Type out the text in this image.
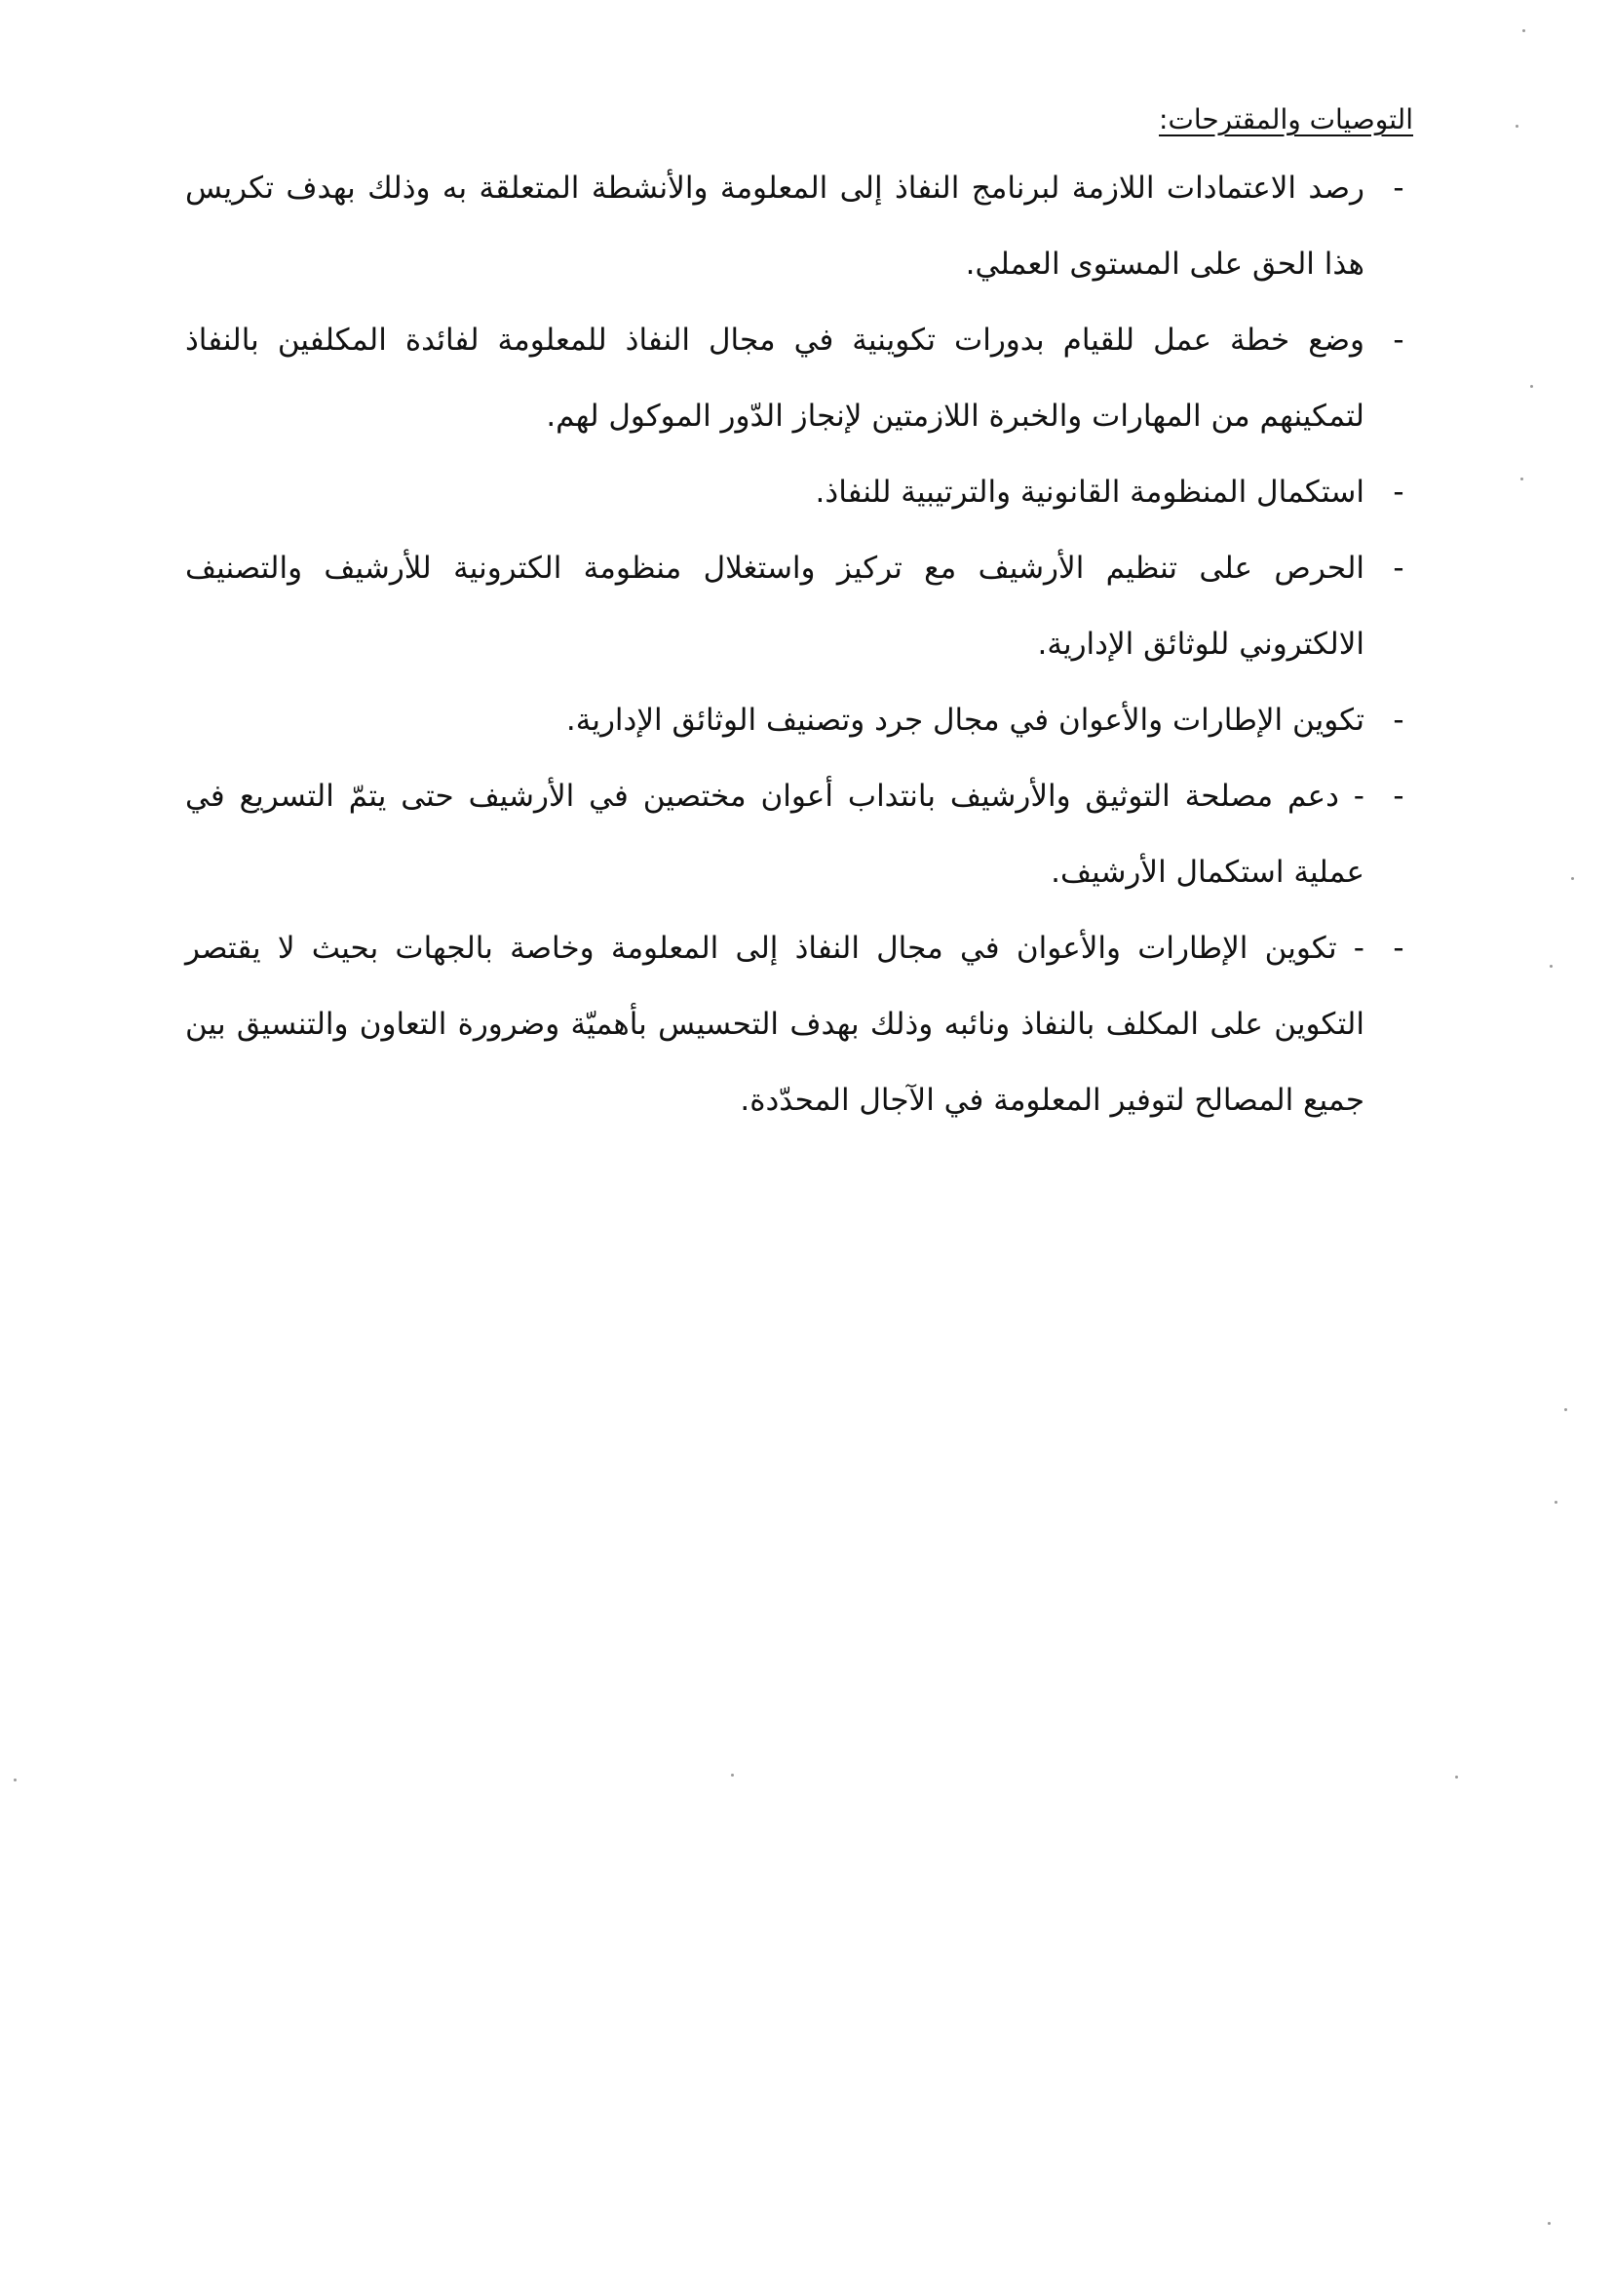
التوصيات والمقترحات:
-
رصد الاعتمادات اللازمة لبرنامج النفاذ إلى المعلومة والأنشطة المتعلقة به وذلك بهدف تكريس هذا الحق على المستوى العملي.
-
وضع خطة عمل للقيام بدورات تكوينية في مجال النفاذ للمعلومة لفائدة المكلفين بالنفاذ لتمكينهم من المهارات والخبرة اللازمتين لإنجاز الدّور الموكول لهم.
-
استكمال المنظومة القانونية والترتيبية للنفاذ.
-
الحرص على تنظيم الأرشيف مع تركيز واستغلال منظومة الكترونية للأرشيف والتصنيف الالكتروني للوثائق الإدارية.
-
تكوين الإطارات والأعوان في مجال جرد وتصنيف الوثائق الإدارية.
-
- دعم مصلحة التوثيق والأرشيف بانتداب أعوان مختصين في الأرشيف حتى يتمّ التسريع في عملية استكمال الأرشيف.
-
- تكوين الإطارات والأعوان في مجال النفاذ إلى المعلومة وخاصة بالجهات بحيث لا يقتصر التكوين على المكلف بالنفاذ ونائبه وذلك بهدف التحسيس بأهميّة وضرورة التعاون والتنسيق بين جميع المصالح لتوفير المعلومة في الآجال المحدّدة.
